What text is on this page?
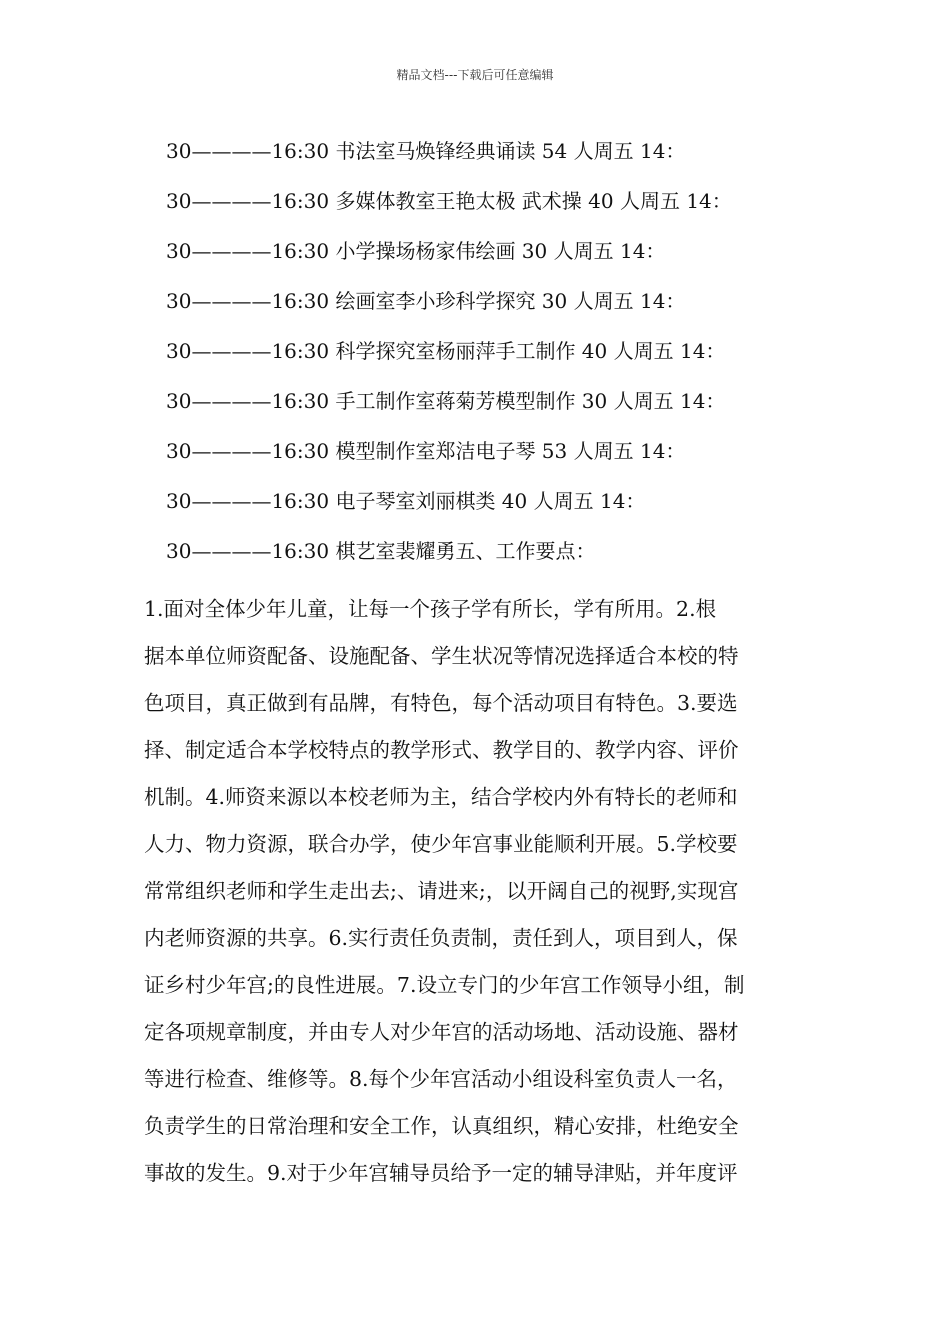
精品文档---下载后可任意编辑
30————16:30 书法室马焕锋经典诵读 54 人周五 14：
30————16:30 多媒体教室王艳太极 武术操 40 人周五 14：
30————16:30 小学操场杨家伟绘画 30 人周五 14：
30————16:30 绘画室李小珍科学探究 30 人周五 14：
30————16:30 科学探究室杨丽萍手工制作 40 人周五 14：
30————16:30 手工制作室蒋菊芳模型制作 30 人周五 14：
30————16:30 模型制作室郑洁电子琴 53 人周五 14：
30————16:30 电子琴室刘丽棋类 40 人周五 14：
30————16:30 棋艺室裴耀勇五、工作要点：
1.面对全体少年儿童，让每一个孩子学有所长，学有所用。2.根
据本单位师资配备、设施配备、学生状况等情况选择适合本校的特
色项目，真正做到有品牌，有特色，每个活动项目有特色。3.要选
择、制定适合本学校特点的教学形式、教学目的、教学内容、评价
机制。4.师资来源以本校老师为主，结合学校内外有特长的老师和
人力、物力资源，联合办学，使少年宫事业能顺利开展。5.学校要
常常组织老师和学生走出去;、请进来;，以开阔自己的视野,实现宫
内老师资源的共享。6.实行责任负责制，责任到人，项目到人，保
证乡村少年宫;的良性进展。7.设立专门的少年宫工作领导小组，制
定各项规章制度，并由专人对少年宫的活动场地、活动设施、器材
等进行检查、维修等。8.每个少年宫活动小组设科室负责人一名，
负责学生的日常治理和安全工作，认真组织，精心安排，杜绝安全
事故的发生。9.对于少年宫辅导员给予一定的辅导津贴，并年度评
